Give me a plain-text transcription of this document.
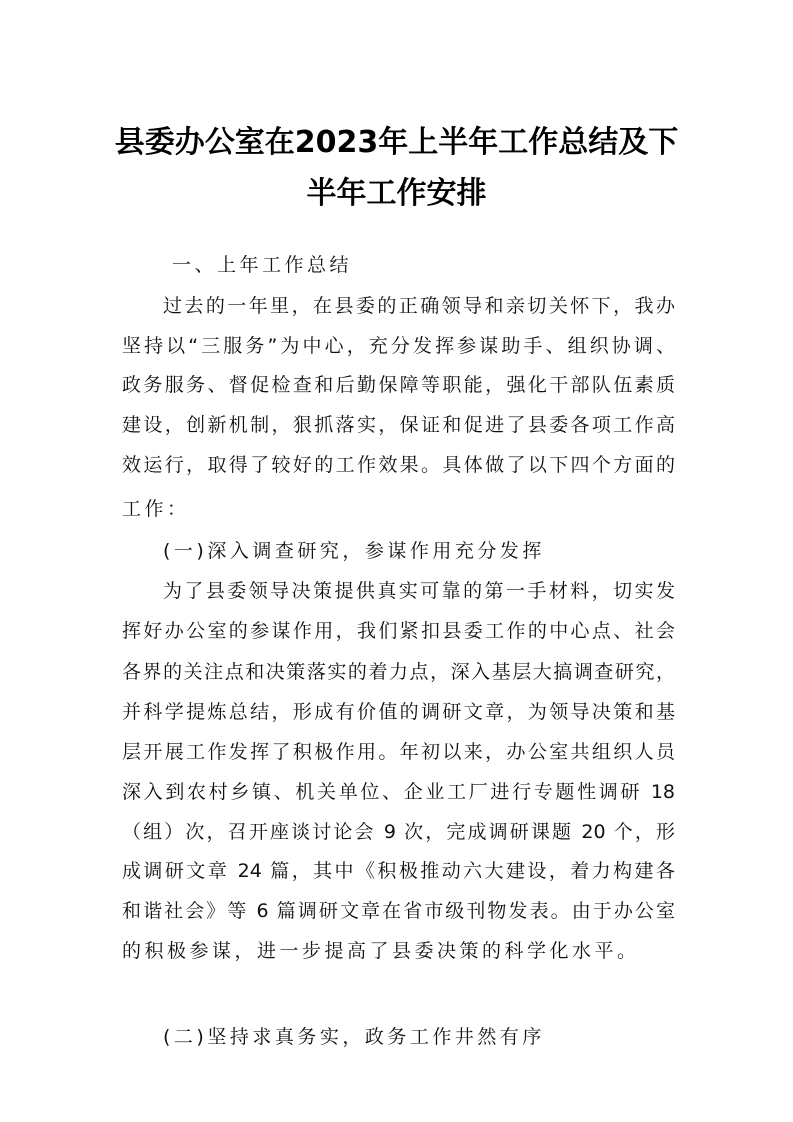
县委办公室在2023年上半年工作总结及下
半年工作安排
一、上年工作总结
过去的一年里，在县委的正确领导和亲切关怀下，我办
坚持以“三服务”为中心，充分发挥参谋助手、组织协调、
政务服务、督促检查和后勤保障等职能，强化干部队伍素质
建设，创新机制，狠抓落实，保证和促进了县委各项工作高
效运行，取得了较好的工作效果。具体做了以下四个方面的
工作：
(一)深入调查研究，参谋作用充分发挥
为了县委领导决策提供真实可靠的第一手材料，切实发
挥好办公室的参谋作用，我们紧扣县委工作的中心点、社会
各界的关注点和决策落实的着力点，深入基层大搞调查研究，
并科学提炼总结，形成有价值的调研文章，为领导决策和基
层开展工作发挥了积极作用。年初以来，办公室共组织人员
深入到农村乡镇、机关单位、企业工厂进行专题性调研 18
（组）次，召开座谈讨论会 9 次，完成调研课题 20 个，形
成调研文章 24 篇，其中《积极推动六大建设，着力构建各
和谐社会》等 6 篇调研文章在省市级刊物发表。由于办公室
的积极参谋，进一步提高了县委决策的科学化水平。
(二)坚持求真务实，政务工作井然有序
